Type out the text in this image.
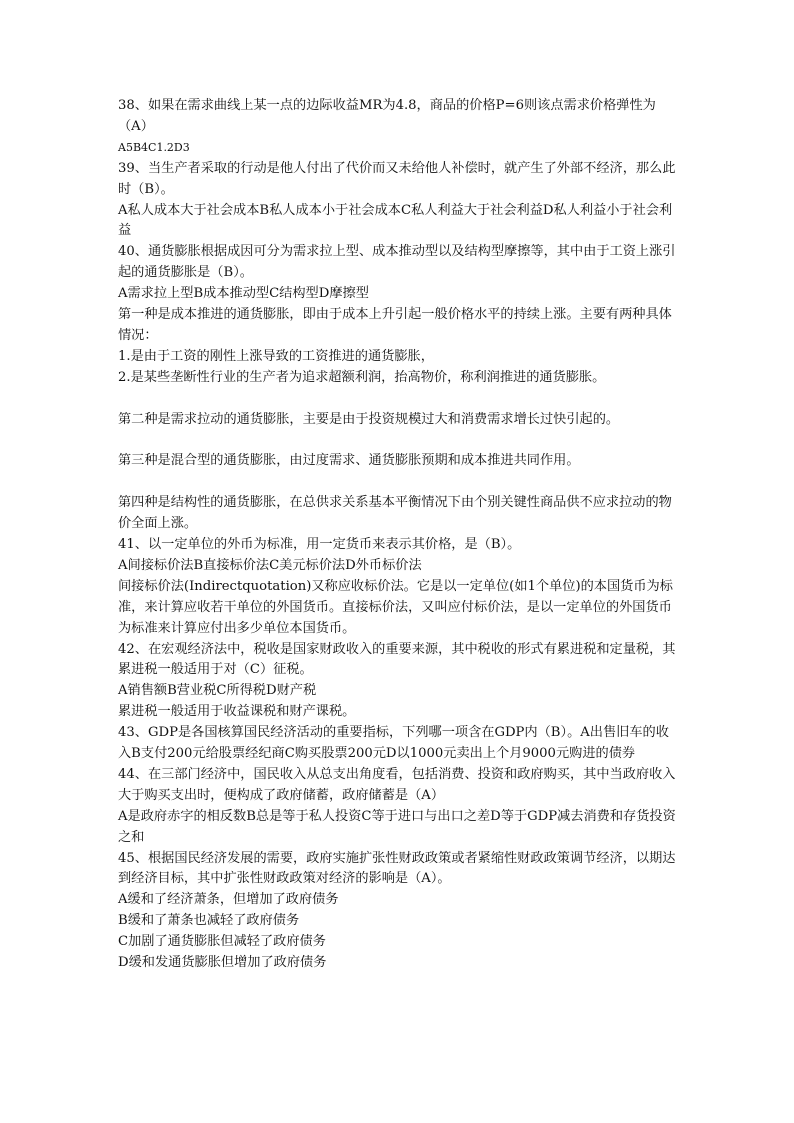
38、如果在需求曲线上某一点的边际收益MR为4.8，商品的价格P=6则该点需求价格弹性为（A）

A5B4C1.2D3

39、当生产者采取的行动是他人付出了代价而又未给他人补偿时，就产生了外部不经济，那么此时（B）。

A私人成本大于社会成本B私人成本小于社会成本C私人利益大于社会利益D私人利益小于社会利益

40、通货膨胀根据成因可分为需求拉上型、成本推动型以及结构型摩擦等，其中由于工资上涨引起的通货膨胀是（B）。

A需求拉上型B成本推动型C结构型D摩擦型

第一种是成本推进的通货膨胀，即由于成本上升引起一般价格水平的持续上涨。主要有两种具体情况：

1.是由于工资的刚性上涨导致的工资推进的通货膨胀，

2.是某些垄断性行业的生产者为追求超额利润，抬高物价，称利润推进的通货膨胀。

第二种是需求拉动的通货膨胀，主要是由于投资规模过大和消费需求增长过快引起的。

第三种是混合型的通货膨胀，由过度需求、通货膨胀预期和成本推进共同作用。

第四种是结构性的通货膨胀，在总供求关系基本平衡情况下由个别关键性商品供不应求拉动的物价全面上涨。

41、以一定单位的外币为标准，用一定货币来表示其价格，是（B）。

A间接标价法B直接标价法C美元标价法D外币标价法

间接标价法(Indirectquotation)又称应收标价法。它是以一定单位(如1个单位)的本国货币为标准，来计算应收若干单位的外国货币。直接标价法，又叫应付标价法，是以一定单位的外国货币为标准来计算应付出多少单位本国货币。

42、在宏观经济法中，税收是国家财政收入的重要来源，其中税收的形式有累进税和定量税，其累进税一般适用于对（C）征税。

A销售额B营业税C所得税D财产税

累进税一般适用于收益课税和财产课税。

43、GDP是各国核算国民经济活动的重要指标，下列哪一项含在GDP内（B）。A出售旧车的收入B支付200元给股票经纪商C购买股票200元D以1000元卖出上个月9000元购进的债券

44、在三部门经济中，国民收入从总支出角度看，包括消费、投资和政府购买，其中当政府收入大于购买支出时，便构成了政府储蓄，政府储蓄是（A）

A是政府赤字的相反数B总是等于私人投资C等于进口与出口之差D等于GDP减去消费和存货投资之和

45、根据国民经济发展的需要，政府实施扩张性财政政策或者紧缩性财政政策调节经济，以期达到经济目标，其中扩张性财政政策对经济的影响是（A）。

A缓和了经济萧条，但增加了政府债务

B缓和了萧条也减轻了政府债务

C加剧了通货膨胀但减轻了政府债务

D缓和发通货膨胀但增加了政府债务
